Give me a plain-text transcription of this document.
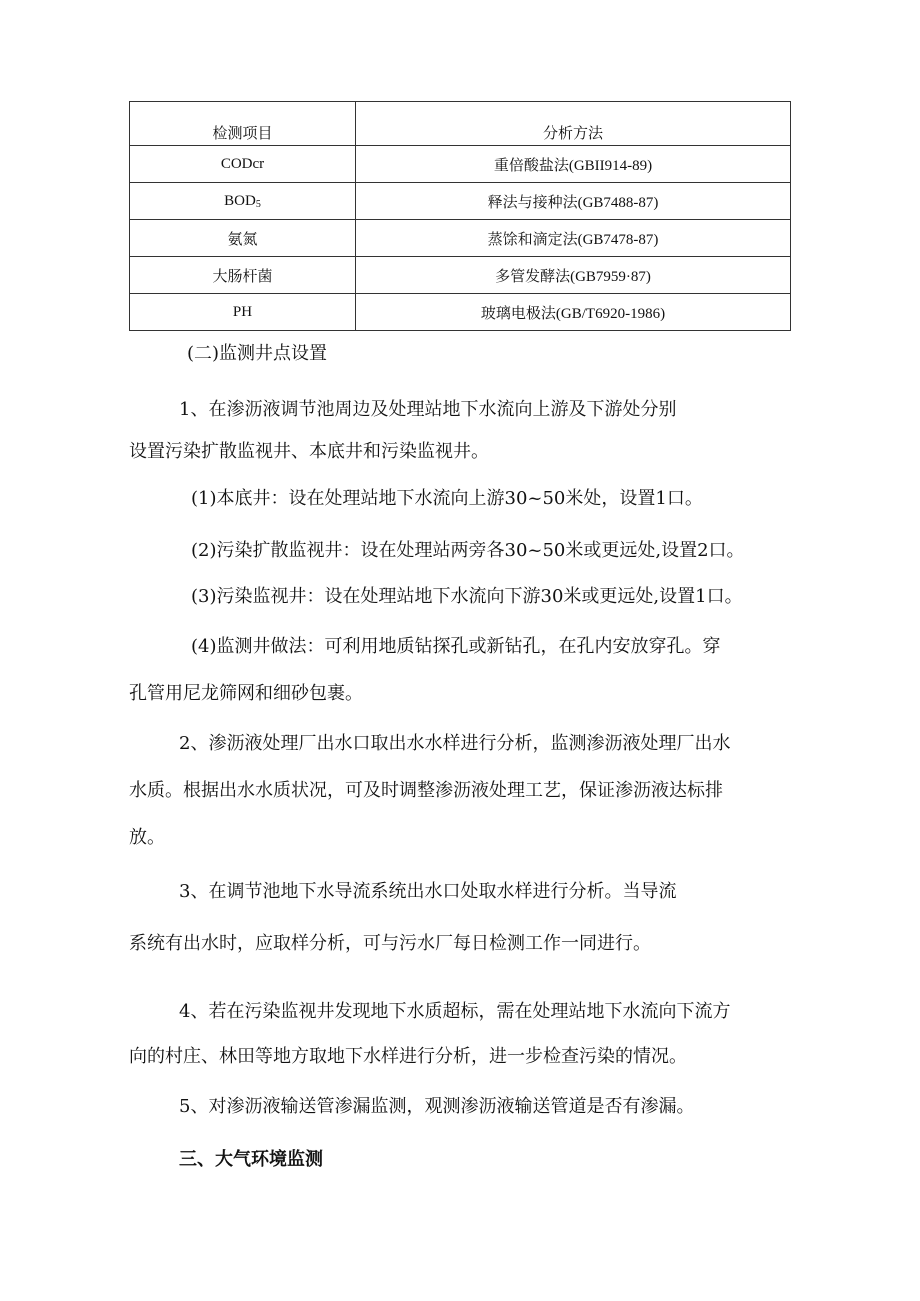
检测项目	分析方法
CODcr	重倍酸盐法(GBII914-89)
$BOD_5$	释法与接种法(GB7488-87)
氨氮	蒸馀和滴定法(GB7478-87)
大肠杆菌	多管发酵法(GB7959·87)
PH	玻璃电极法(GB/T6920-1986)

(二)监测井点设置

1、在渗沥液调节池周边及处理站地下水流向上游及下游处分别

设置污染扩散监视井、本底井和污染监视井。

(1)本底井：设在处理站地下水流向上游30~50米处，设置1口。

(2)污染扩散监视井：设在处理站两旁各30~50米或更远处,设置2口。

(3)污染监视井：设在处理站地下水流向下游30米或更远处,设置1口。

(4)监测井做法：可利用地质钻探孔或新钻孔，在孔内安放穿孔。穿

孔管用尼龙筛网和细砂包裹。

2、渗沥液处理厂出水口取出水水样进行分析，监测渗沥液处理厂出水

水质。根据出水水质状况，可及时调整渗沥液处理工艺，保证渗沥液达标排

放。

3、在调节池地下水导流系统出水口处取水样进行分析。当导流

系统有出水时，应取样分析，可与污水厂每日检测工作一同进行。

4、若在污染监视井发现地下水质超标，需在处理站地下水流向下流方

向的村庄、林田等地方取地下水样进行分析，进一步检查污染的情况。

5、对渗沥液输送管渗漏监测，观测渗沥液输送管道是否有渗漏。

三、大气环境监测
